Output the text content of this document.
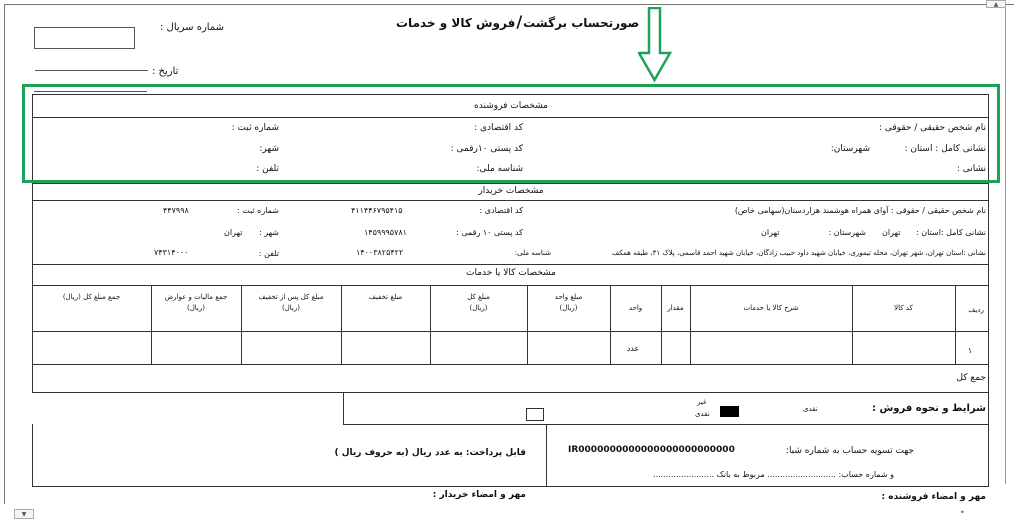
▲
▼
شماره سریال :
تاریخ :
صورتحساب برگشت/فروش کالا و خدمات
مشخصات فروشنده
نام شخص حقیقی / حقوقی :
کد اقتصادی :
شماره ثبت :
نشانی کامل : استان :
شهرستان:
کد پستی ۱۰رقمی :
شهر:
نشانی :
شناسه ملی:
تلفن :
مشخصات خریدار
نام شخص حقیقی / حقوقی : آوای همراه هوشمند هزاردستان(سهامی خاص)
کد اقتصادی :
۴۱۱۴۴۶۷۹۵۴۱۵
شماره ثبت :
۴۴۷۹۹۸
نشانی کامل :استان :
تهران
شهرستان :
تهران
کد پستی ۱۰ رقمی :
۱۴۵۹۹۹۵۷۸۱
شهر :
تهران
نشانی :استان تهران، شهر تهران، محله تیموری، خیابان شهید داود حبیب زادگان، خیابان شهید احمد قاسمی، پلاک ۳۱، طبقه همکف
شناسه ملی:
۱۴۰۰۳۸۲۵۴۲۲
تلفن :
۷۴۳۱۴۰۰۰
مشخصات کالا یا خدمات
ردیف
کد کالا
شرح کالا یا خدمات
مقدار
واحد
مبلغ واحد
(ریال)
مبلغ کل
(ریال)
مبلغ تخفیف
مبلغ کل پس از تخفیف
(ریال)
جمع مالیات و عوارض
(ریال)
جمع مبلغ کل (ریال)
۱
عدد
جمع کل
شرایط و نحوه فروش :
نقدی
غیر
نقدی
قابل پرداخت: به عدد ریال (به حروف ریال )	جهت تسویه حساب به شماره شبا:
IR0000000000000000000000000
و شماره حساب: ........................... مربوط به بانک ........................
مهر و امضاء فروشنده :
مهر و امضاء خریدار :
•
